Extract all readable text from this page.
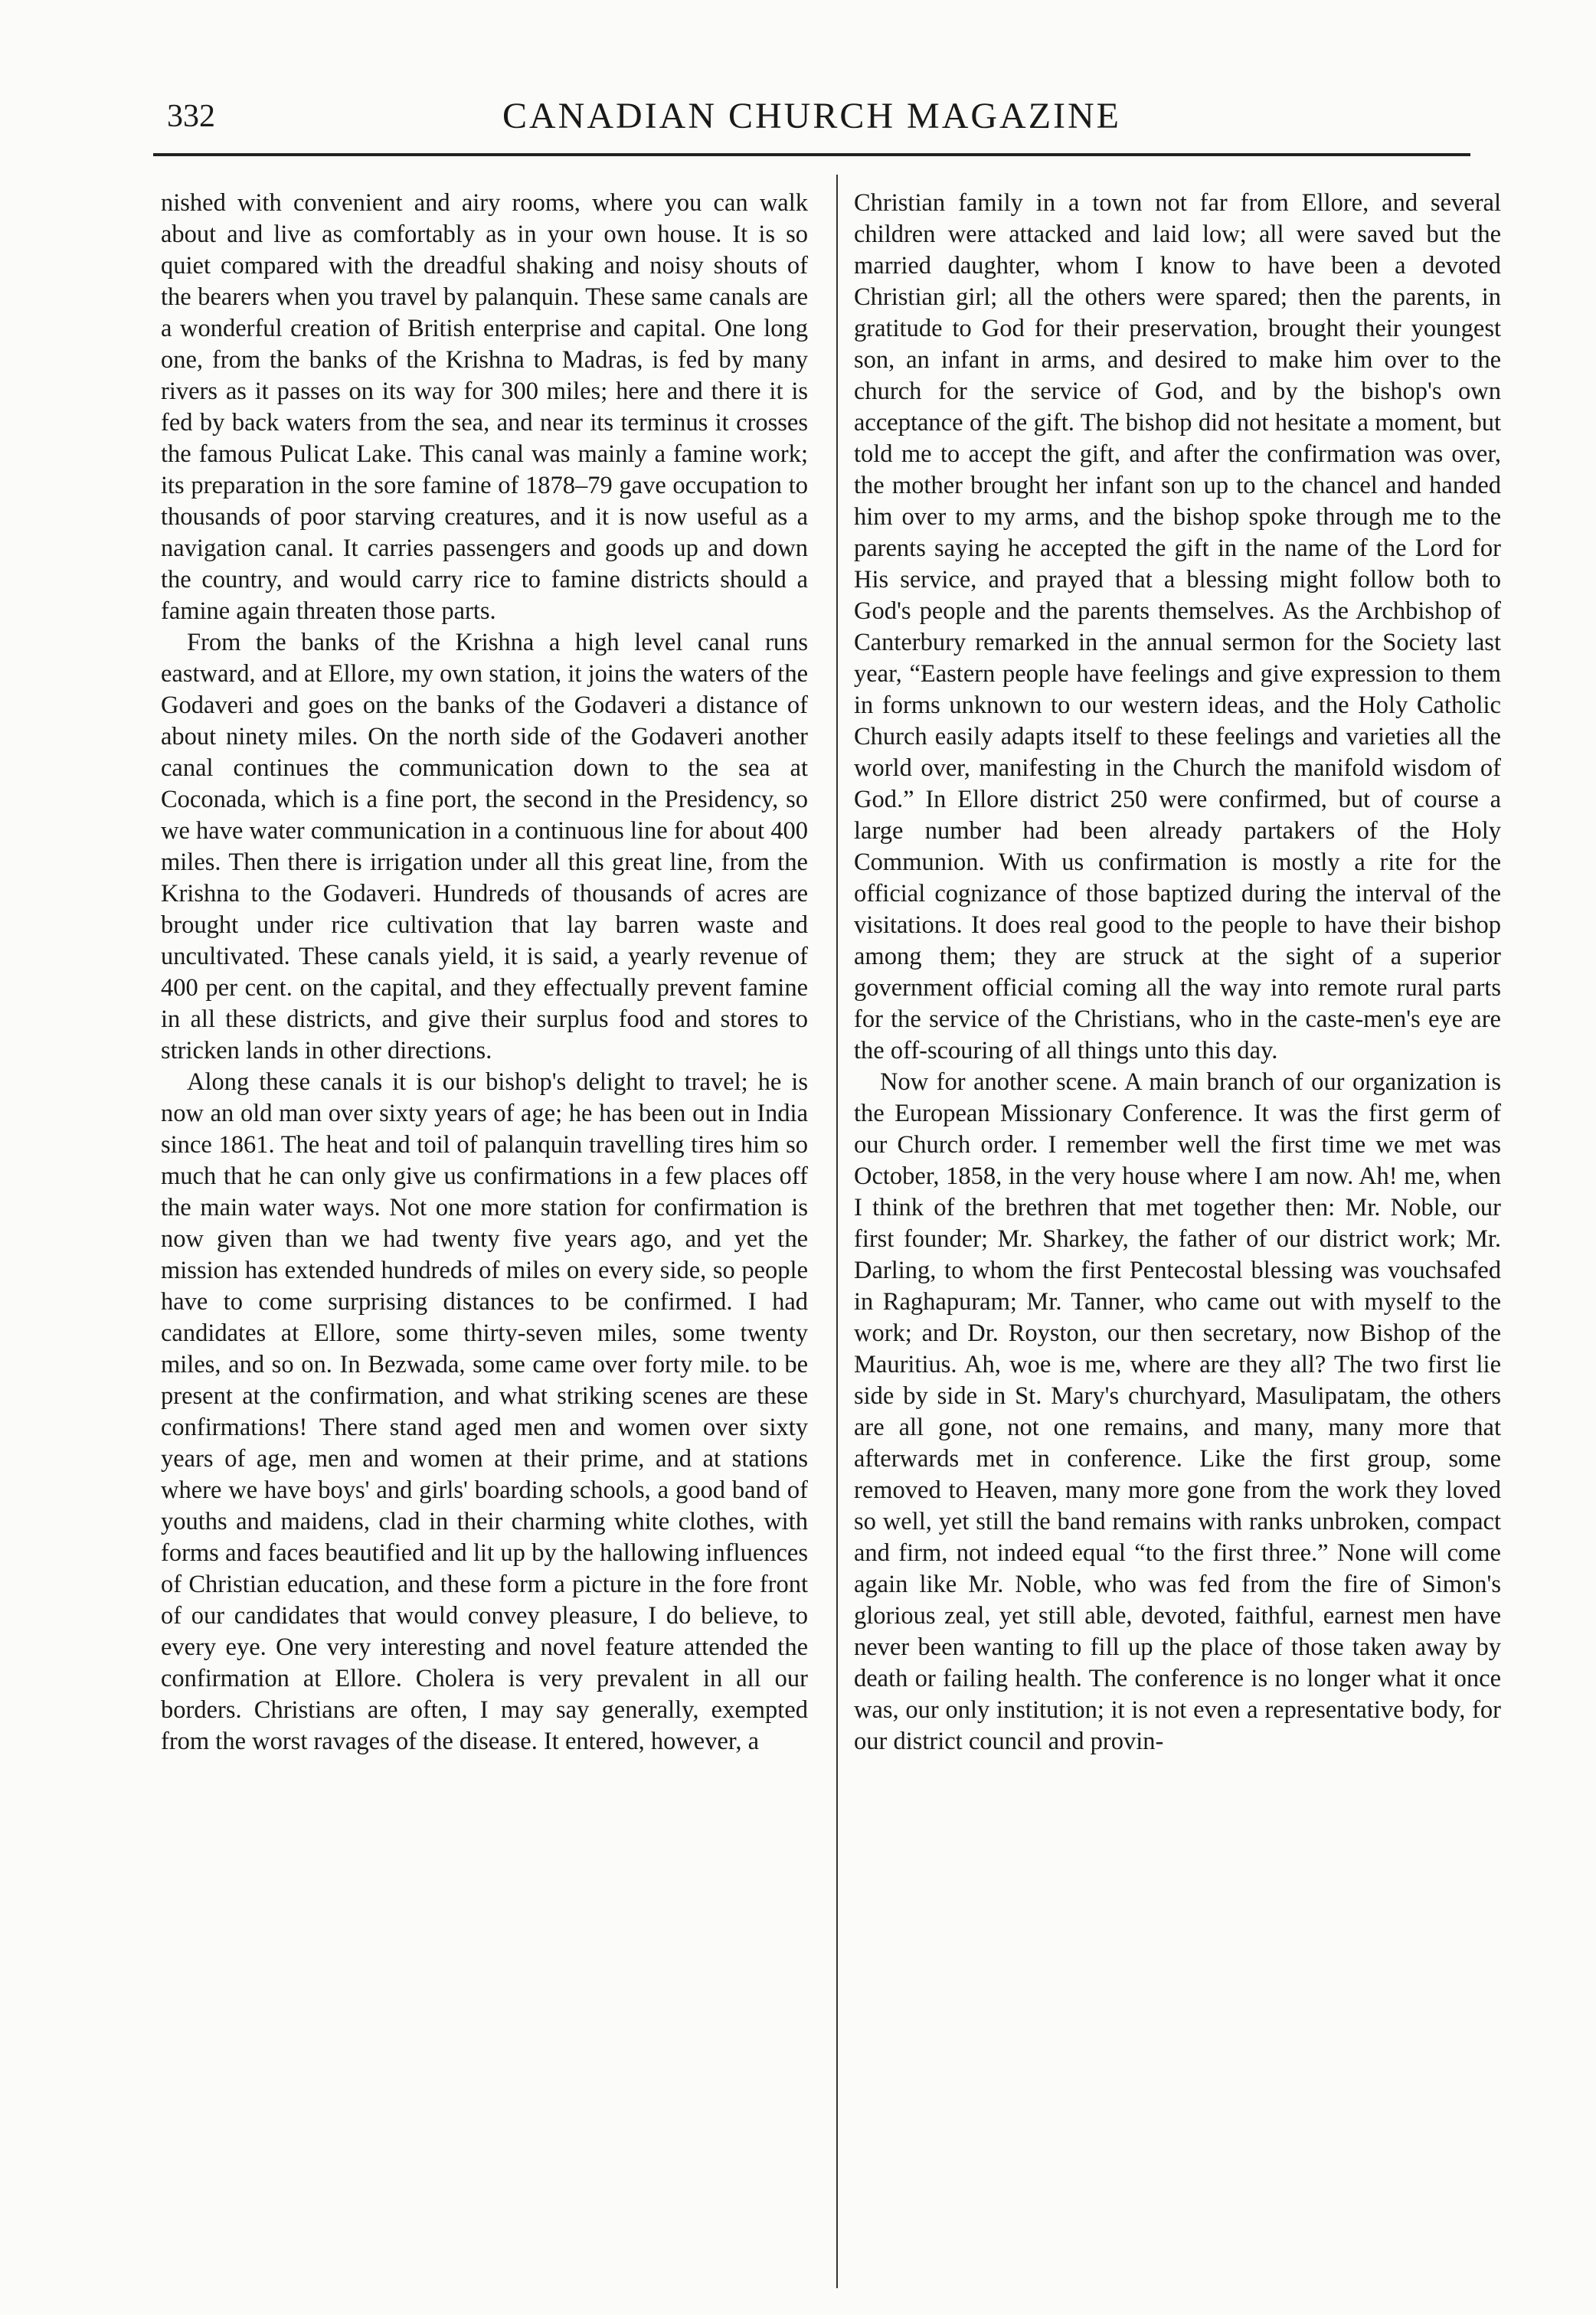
332	CANADIAN CHURCH MAGAZINE

nished with convenient and airy rooms, where you can walk about and live as comfortably as in your own house. It is so quiet compared with the dreadful shaking and noisy shouts of the bearers when you travel by palanquin. These same canals are a wonderful creation of British enterprise and capital. One long one, from the banks of the Krishna to Madras, is fed by many rivers as it passes on its way for 300 miles; here and there it is fed by back waters from the sea, and near its terminus it crosses the famous Pulicat Lake. This canal was mainly a famine work; its preparation in the sore famine of 1878–79 gave occupation to thousands of poor starving creatures, and it is now useful as a navigation canal. It carries passengers and goods up and down the country, and would carry rice to famine districts should a famine again threaten those parts.

From the banks of the Krishna a high level canal runs eastward, and at Ellore, my own station, it joins the waters of the Godaveri and goes on the banks of the Godaveri a distance of about ninety miles. On the north side of the Godaveri another canal continues the communication down to the sea at Coconada, which is a fine port, the second in the Presidency, so we have water communication in a continuous line for about 400 miles. Then there is irrigation under all this great line, from the Krishna to the Godaveri. Hundreds of thousands of acres are brought under rice cultivation that lay barren waste and uncultivated. These canals yield, it is said, a yearly revenue of 400 per cent. on the capital, and they effectually prevent famine in all these districts, and give their surplus food and stores to stricken lands in other directions.

Along these canals it is our bishop's delight to travel; he is now an old man over sixty years of age; he has been out in India since 1861. The heat and toil of palanquin travelling tires him so much that he can only give us confirmations in a few places off the main water ways. Not one more station for confirmation is now given than we had twenty five years ago, and yet the mission has extended hundreds of miles on every side, so people have to come surprising distances to be confirmed. I had candidates at Ellore, some thirty-seven miles, some twenty miles, and so on. In Bezwada, some came over forty mile. to be present at the confirmation, and what striking scenes are these confirmations! There stand aged men and women over sixty years of age, men and women at their prime, and at stations where we have boys' and girls' boarding schools, a good band of youths and maidens, clad in their charming white clothes, with forms and faces beautified and lit up by the hallowing influences of Christian education, and these form a picture in the fore front of our candidates that would convey pleasure, I do believe, to every eye. One very interesting and novel feature attended the confirmation at Ellore. Cholera is very prevalent in all our borders. Christians are often, I may say generally, exempted from the worst ravages of the disease. It entered, however, a

Christian family in a town not far from Ellore, and several children were attacked and laid low; all were saved but the married daughter, whom I know to have been a devoted Christian girl; all the others were spared; then the parents, in gratitude to God for their preservation, brought their youngest son, an infant in arms, and desired to make him over to the church for the service of God, and by the bishop's own acceptance of the gift. The bishop did not hesitate a moment, but told me to accept the gift, and after the confirmation was over, the mother brought her infant son up to the chancel and handed him over to my arms, and the bishop spoke through me to the parents saying he accepted the gift in the name of the Lord for His service, and prayed that a blessing might follow both to God's people and the parents themselves. As the Archbishop of Canterbury remarked in the annual sermon for the Society last year, “Eastern people have feelings and give expression to them in forms unknown to our western ideas, and the Holy Catholic Church easily adapts itself to these feelings and varieties all the world over, manifesting in the Church the manifold wisdom of God.” In Ellore district 250 were confirmed, but of course a large number had been already partakers of the Holy Communion. With us confirmation is mostly a rite for the official cognizance of those baptized during the interval of the visitations. It does real good to the people to have their bishop among them; they are struck at the sight of a superior government official coming all the way into remote rural parts for the service of the Christians, who in the caste-men's eye are the off-scouring of all things unto this day.

Now for another scene. A main branch of our organization is the European Missionary Conference. It was the first germ of our Church order. I remember well the first time we met was October, 1858, in the very house where I am now. Ah! me, when I think of the brethren that met together then: Mr. Noble, our first founder; Mr. Sharkey, the father of our district work; Mr. Darling, to whom the first Pentecostal blessing was vouchsafed in Raghapuram; Mr. Tanner, who came out with myself to the work; and Dr. Royston, our then secretary, now Bishop of the Mauritius. Ah, woe is me, where are they all? The two first lie side by side in St. Mary's churchyard, Masulipatam, the others are all gone, not one remains, and many, many more that afterwards met in conference. Like the first group, some removed to Heaven, many more gone from the work they loved so well, yet still the band remains with ranks unbroken, compact and firm, not indeed equal “to the first three.” None will come again like Mr. Noble, who was fed from the fire of Simon's glorious zeal, yet still able, devoted, faithful, earnest men have never been wanting to fill up the place of those taken away by death or failing health. The conference is no longer what it once was, our only institution; it is not even a representative body, for our district council and provin-
